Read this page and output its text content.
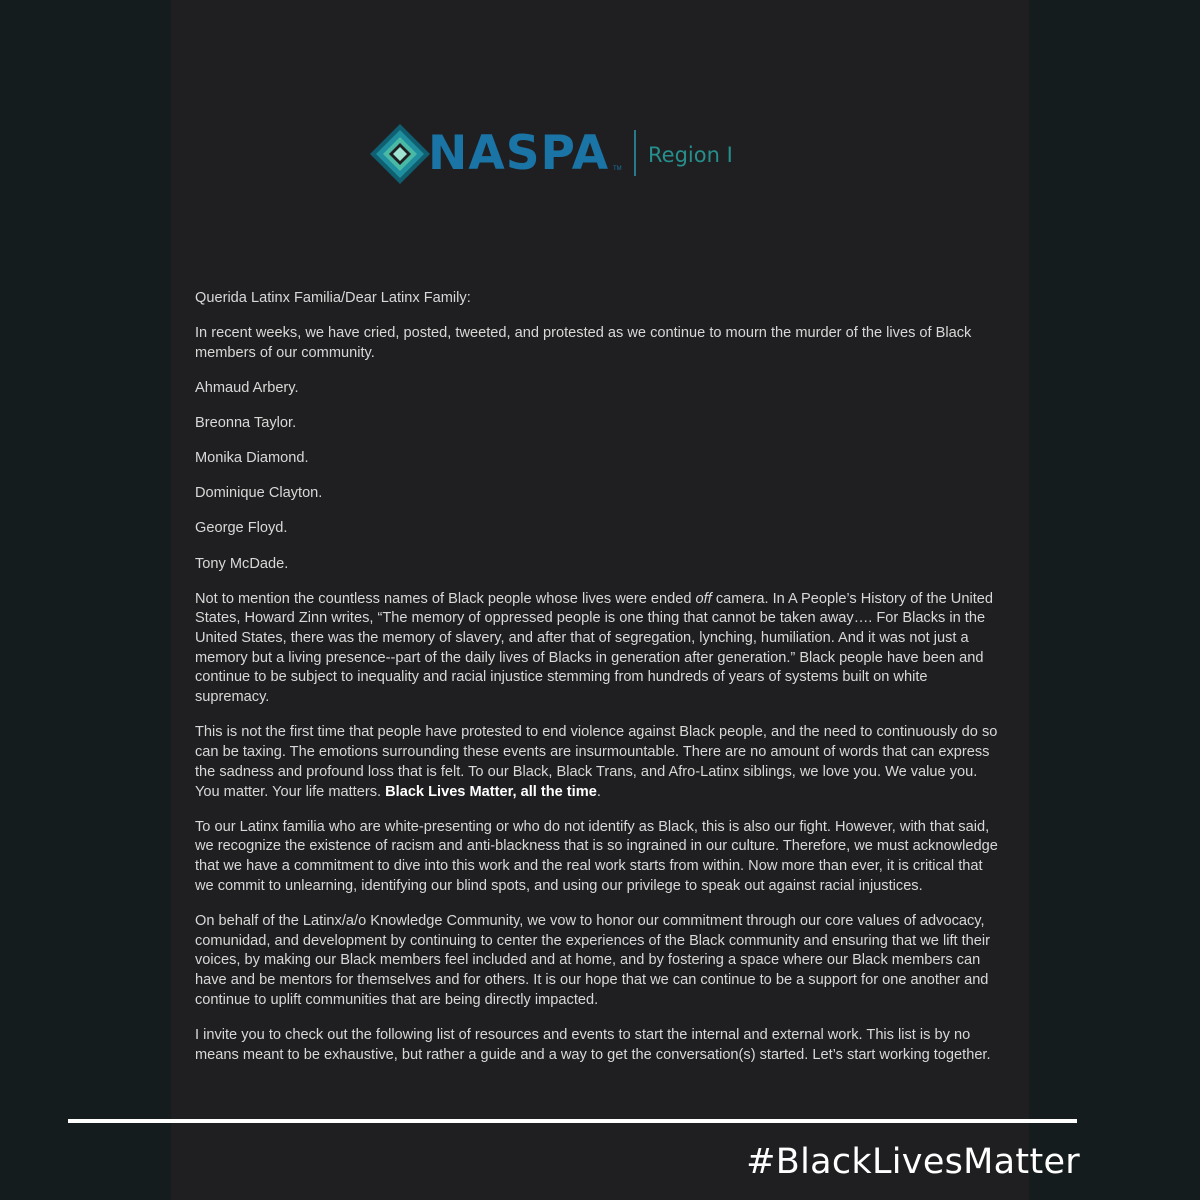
NASPA TM
Region I

Querida Latinx Familia/Dear Latinx Family:

In recent weeks, we have cried, posted, tweeted, and protested as we continue to mourn the murder of the lives of Black members of our community.

Ahmaud Arbery.

Breonna Taylor.

Monika Diamond.

Dominique Clayton.

George Floyd.

Tony McDade.

Not to mention the countless names of Black people whose lives were ended off camera. In A People’s History of the United States, Howard Zinn writes, “The memory of oppressed people is one thing that cannot be taken away…. For Blacks in the United States, there was the memory of slavery, and after that of segregation, lynching, humiliation. And it was not just a memory but a living presence--part of the daily lives of Blacks in generation after generation.” Black people have been and continue to be subject to inequality and racial injustice stemming from hundreds of years of systems built on white supremacy.

This is not the first time that people have protested to end violence against Black people, and the need to continuously do so can be taxing. The emotions surrounding these events are insurmountable. There are no amount of words that can express the sadness and profound loss that is felt. To our Black, Black Trans, and Afro-Latinx siblings, we love you. We value you. You matter. Your life matters. Black Lives Matter, all the time.

To our Latinx familia who are white-presenting or who do not identify as Black, this is also our fight. However, with that said, we recognize the existence of racism and anti-blackness that is so ingrained in our culture. Therefore, we must acknowledge that we have a commitment to dive into this work and the real work starts from within. Now more than ever, it is critical that we commit to unlearning, identifying our blind spots, and using our privilege to speak out against racial injustices.

On behalf of the Latinx/a/o Knowledge Community, we vow to honor our commitment through our core values of advocacy, comunidad, and development by continuing to center the experiences of the Black community and ensuring that we lift their voices, by making our Black members feel included and at home, and by fostering a space where our Black members can have and be mentors for themselves and for others. It is our hope that we can continue to be a support for one another and continue to uplift communities that are being directly impacted.

I invite you to check out the following list of resources and events to start the internal and external work. This list is by no means meant to be exhaustive, but rather a guide and a way to get the conversation(s) started. Let’s start working together.

#BlackLivesMatter
